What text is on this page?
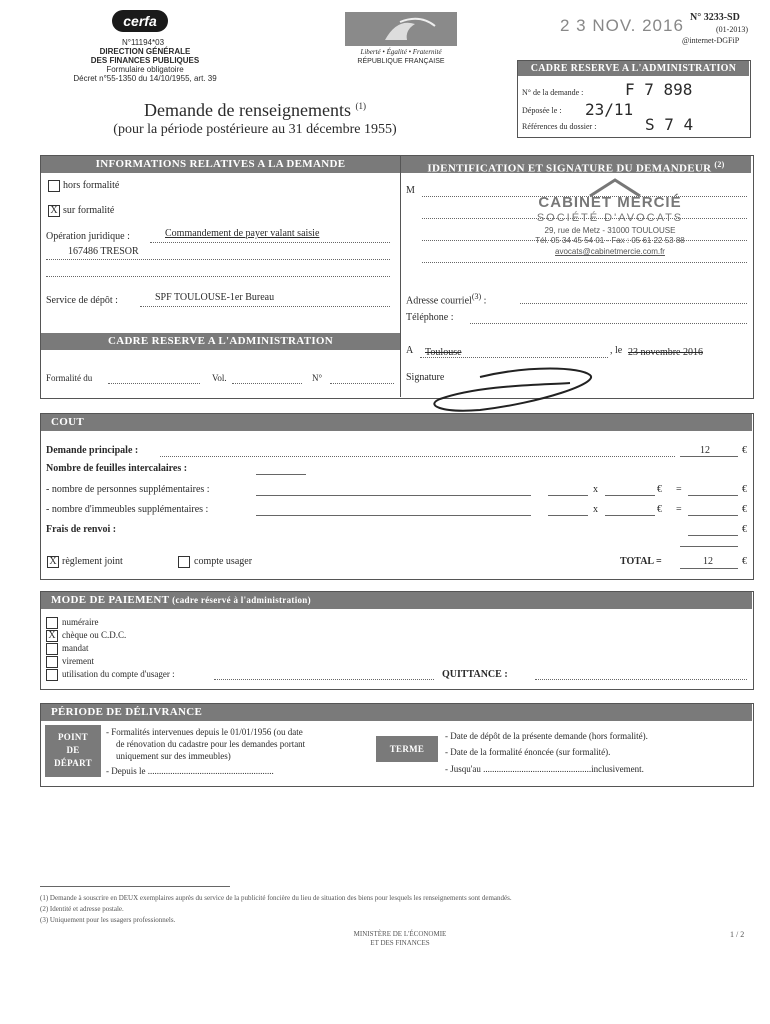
cerfa
N°11194*03
DIRECTION GÉNÉRALE
DES FINANCES PUBLIQUES
Formulaire obligatoire
Décret n°55-1350 du 14/10/1955, art. 39
Liberté • Égalité • Fraternité
RÉPUBLIQUE FRANÇAISE
2 3 NOV. 2016 N° 3233-SD
(01-2013)
@internet-DGFiP
Demande de renseignements $^{(1)}$
(pour la période postérieure au 31 décembre 1955)
CADRE RESERVE A L'ADMINISTRATION
N° de la demande :	F 7 898
Déposée le : 23/11
Références du dossier :	S 7 4
INFORMATIONS RELATIVES A LA DEMANDE	IDENTIFICATION ET SIGNATURE DU DEMANDEUR $^{(2)}$
hors formalité
X sur formalité
Opération juridique :	Commandement de payer valant saisie
167486 TRESOR
Service de dépôt :	SPF TOULOUSE-1er Bureau
CADRE RESERVE A L'ADMINISTRATION
Formalité du	Vol.	N°
M
CABINET MERCIÉ
SOCIÉTÉ D'AVOCATS
29, rue de Metz - 31000 TOULOUSE
Tél. 05 34 45 54 01 - Fax : 05 61 22 53 88
avocats@cabinetmercie.com.fr
Adresse courriel$^{(3)}$ :
Téléphone :
A Toulouse	, le 23 novembre 2016
Signature
COUT
Demande principale :	12	€
Nombre de feuilles intercalaires :
- nombre de personnes supplémentaires :	x	€ =	€
- nombre d'immeubles supplémentaires :	x	€ =	€
Frais de renvoi :	€
X règlement joint	compte usager	TOTAL =	12	€
MODE DE PAIEMENT (cadre réservé à l'administration)
numéraire
X chèque ou C.D.C.
mandat
virement
utilisation du compte d'usager :	QUITTANCE :
PÉRIODE DE DÉLIVRANCE
POINT
DE
DÉPART
- Formalités intervenues depuis le 01/01/1956 (ou date
de rénovation du cadastre pour les demandes portant
uniquement sur des immeubles)
- Depuis le ........................................................
TERME
- Date de dépôt de la présente demande (hors formalité).
- Date de la formalité énoncée (sur formalité).
- Jusqu'au ................................................inclusivement.
(1) Demande à souscrire en DEUX exemplaires auprès du service de la publicité foncière du lieu de situation des biens pour lesquels les renseignements sont demandés.
(2) Identité et adresse postale.
(3) Uniquement pour les usagers professionnels.
MINISTÈRE DE L'ÉCONOMIE
ET DES FINANCES
1 / 2
